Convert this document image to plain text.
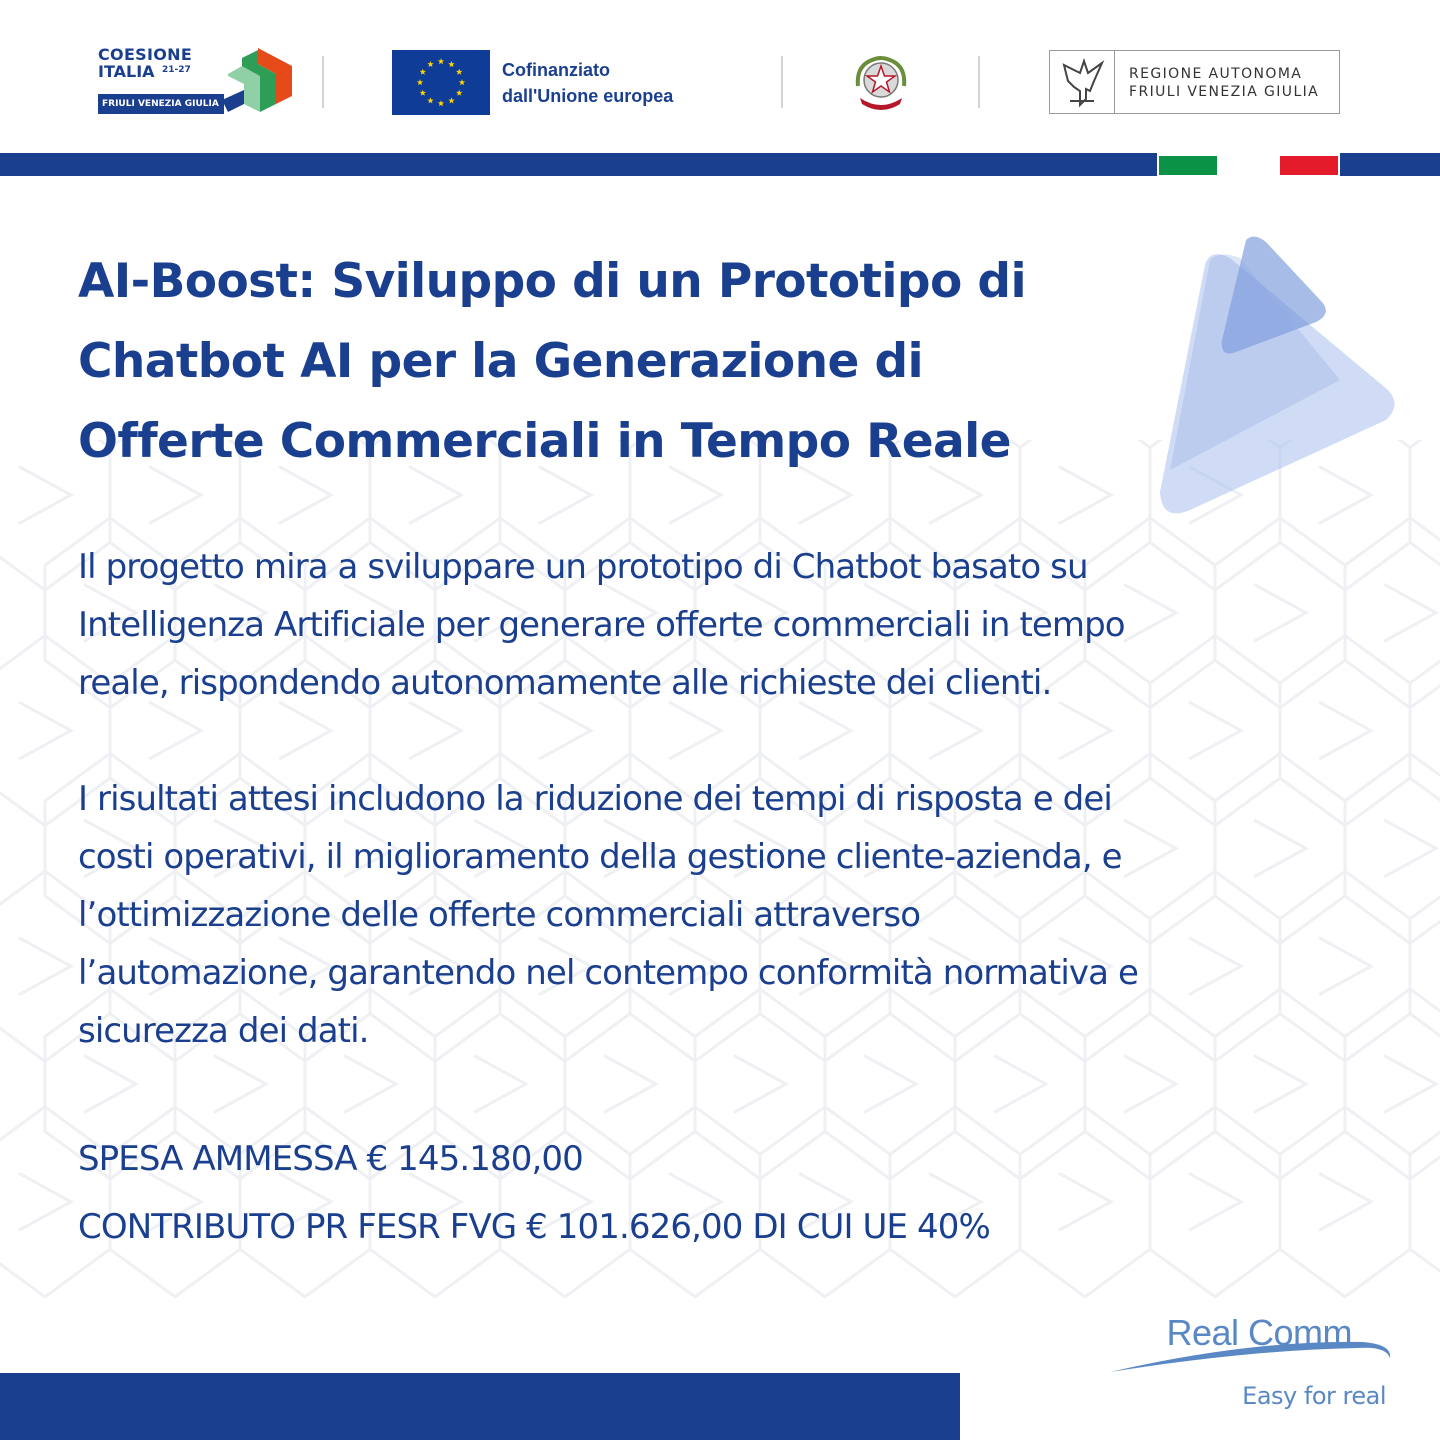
COESIONE
ITALIA 21-27
FRIULI VENEZIA GIULIA
Cofinanziato
dall'Unione europea
REGIONE AUTONOMA
FRIULI VENEZIA GIULIA
AI-Boost: Sviluppo di un Prototipo di
Chatbot AI per la Generazione di
Offerte Commerciali in Tempo Reale
Il progetto mira a sviluppare un prototipo di Chatbot basato su
Intelligenza Artificiale per generare offerte commerciali in tempo
reale, rispondendo autonomamente alle richieste dei clienti.
I risultati attesi includono la riduzione dei tempi di risposta e dei
costi operativi, il miglioramento della gestione cliente-azienda, e
l’ottimizzazione delle offerte commerciali attraverso
l’automazione, garantendo nel contempo conformità normativa e
sicurezza dei dati.
SPESA AMMESSA € 145.180,00
CONTRIBUTO PR FESR FVG € 101.626,00 DI CUI UE 40%
Real Comm
Easy for real
